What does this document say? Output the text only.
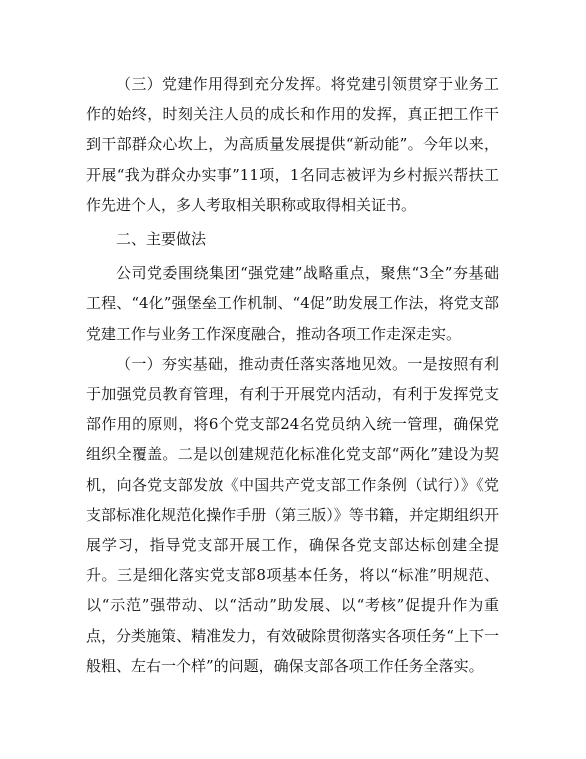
（三）党建作用得到充分发挥。将党建引领贯穿于业务工作的始终，时刻关注人员的成长和作用的发挥，真正把工作干到干部群众心坎上，为高质量发展提供“新动能”。今年以来，开展“我为群众办实事”11项，1名同志被评为乡村振兴帮扶工作先进个人，多人考取相关职称或取得相关证书。

二、主要做法

公司党委围绕集团“强党建”战略重点，聚焦“3全”夯基础工程、“4化”强堡垒工作机制、“4促”助发展工作法，将党支部党建工作与业务工作深度融合，推动各项工作走深走实。

（一）夯实基础，推动责任落实落地见效。一是按照有利于加强党员教育管理，有利于开展党内活动，有利于发挥党支部作用的原则，将6个党支部24名党员纳入统一管理，确保党组织全覆盖。二是以创建规范化标准化党支部“两化”建设为契机，向各党支部发放《中国共产党支部工作条例（试行）》《党支部标准化规范化操作手册（第三版）》等书籍，并定期组织开展学习，指导党支部开展工作，确保各党支部达标创建全提升。三是细化落实党支部8项基本任务，将以“标准”明规范、以“示范”强带动、以“活动”助发展、以“考核”促提升作为重点，分类施策、精准发力，有效破除贯彻落实各项任务“上下一般粗、左右一个样”的问题，确保支部各项工作任务全落实。
